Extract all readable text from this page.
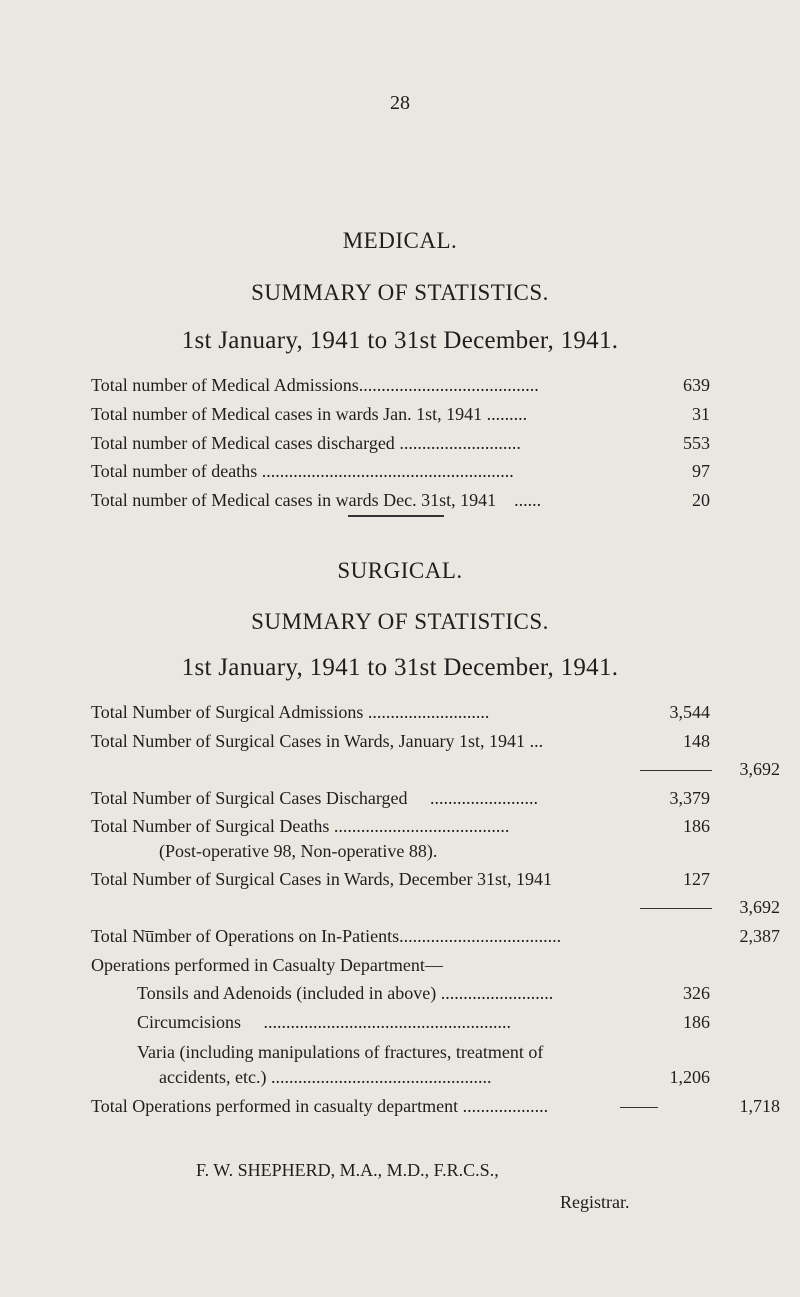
28
MEDICAL.
SUMMARY OF STATISTICS.
1st January, 1941 to 31st December, 1941.
Total number of Medical Admissions........................................	639
Total number of Medical cases in wards Jan. 1st, 1941 .........	31
Total number of Medical cases discharged ...........................	553
Total number of deaths ........................................................	97
Total number of Medical cases in wards Dec. 31st, 1941 ......	20
SURGICAL.
SUMMARY OF STATISTICS.
1st January, 1941 to 31st December, 1941.
Total Number of Surgical Admissions ...........................	3,544
Total Number of Surgical Cases in Wards, January 1st, 1941 ...	148
3,692
Total Number of Surgical Cases Discharged ........................	3,379
Total Number of Surgical Deaths .......................................	186
(Post-operative 98, Non-operative 88).
Total Number of Surgical Cases in Wards, December 31st, 1941	127
3,692
Total Nu̅mber of Operations on In-Patients....................................	2,387
Operations performed in Casualty Department—
Tonsils and Adenoids (included in above) .........................	326
Circumcisions .......................................................	186
Varia (including manipulations of fractures, treatment of
accidents, etc.) .................................................	1,206
Total Operations performed in casualty department ...................	1,718
F. W. SHEPHERD, M.A., M.D., F.R.C.S.,
Registrar.
